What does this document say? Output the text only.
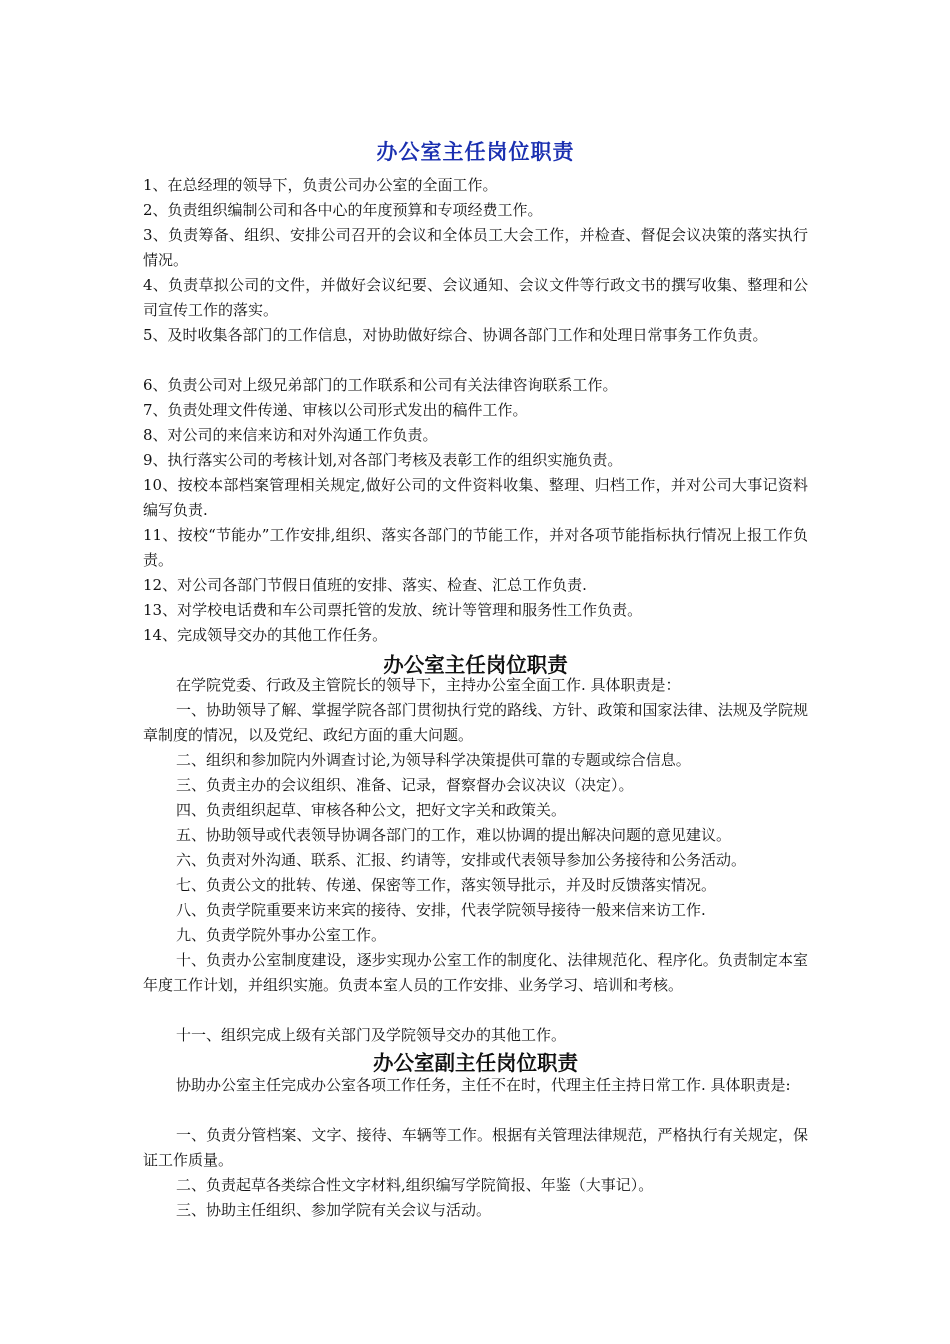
办公室主任岗位职责
1、在总经理的领导下，负责公司办公室的全面工作。
2、负责组织编制公司和各中心的年度预算和专项经费工作。
3、负责筹备、组织、安排公司召开的会议和全体员工大会工作，并检查、督促会议决策的落实执行情况。
4、负责草拟公司的文件，并做好会议纪要、会议通知、会议文件等行政文书的撰写收集、整理和公司宣传工作的落实。
5、及时收集各部门的工作信息，对协助做好综合、协调各部门工作和处理日常事务工作负责。
6、负责公司对上级兄弟部门的工作联系和公司有关法律咨询联系工作。
7、负责处理文件传递、审核以公司形式发出的稿件工作。
8、对公司的来信来访和对外沟通工作负责。
9、执行落实公司的考核计划,对各部门考核及表彰工作的组织实施负责。
10、按校本部档案管理相关规定,做好公司的文件资料收集、整理、归档工作，并对公司大事记资料编写负责.
11、按校“节能办”工作安排,组织、落实各部门的节能工作，并对各项节能指标执行情况上报工作负责。
12、对公司各部门节假日值班的安排、落实、检查、汇总工作负责.
13、对学校电话费和车公司票托管的发放、统计等管理和服务性工作负责。
14、完成领导交办的其他工作任务。
办公室主任岗位职责
在学院党委、行政及主管院长的领导下，主持办公室全面工作. 具体职责是：
一、协助领导了解、掌握学院各部门贯彻执行党的路线、方针、政策和国家法律、法规及学院规章制度的情况，以及党纪、政纪方面的重大问题。
二、组织和参加院内外调查讨论,为领导科学决策提供可靠的专题或综合信息。
三、负责主办的会议组织、准备、记录，督察督办会议决议（决定）。
四、负责组织起草、审核各种公文，把好文字关和政策关。
五、协助领导或代表领导协调各部门的工作，难以协调的提出解决问题的意见建议。
六、负责对外沟通、联系、汇报、约请等，安排或代表领导参加公务接待和公务活动。
七、负责公文的批转、传递、保密等工作，落实领导批示，并及时反馈落实情况。
八、负责学院重要来访来宾的接待、安排，代表学院领导接待一般来信来访工作.
九、负责学院外事办公室工作。
十、负责办公室制度建设，逐步实现办公室工作的制度化、法律规范化、程序化。负责制定本室年度工作计划，并组织实施。负责本室人员的工作安排、业务学习、培训和考核。
十一、组织完成上级有关部门及学院领导交办的其他工作。
办公室副主任岗位职责
协助办公室主任完成办公室各项工作任务，主任不在时，代理主任主持日常工作. 具体职责是:
一、负责分管档案、文字、接待、车辆等工作。根据有关管理法律规范，严格执行有关规定，保证工作质量。
二、负责起草各类综合性文字材料,组织编写学院简报、年鉴（大事记）。
三、协助主任组织、参加学院有关会议与活动。
